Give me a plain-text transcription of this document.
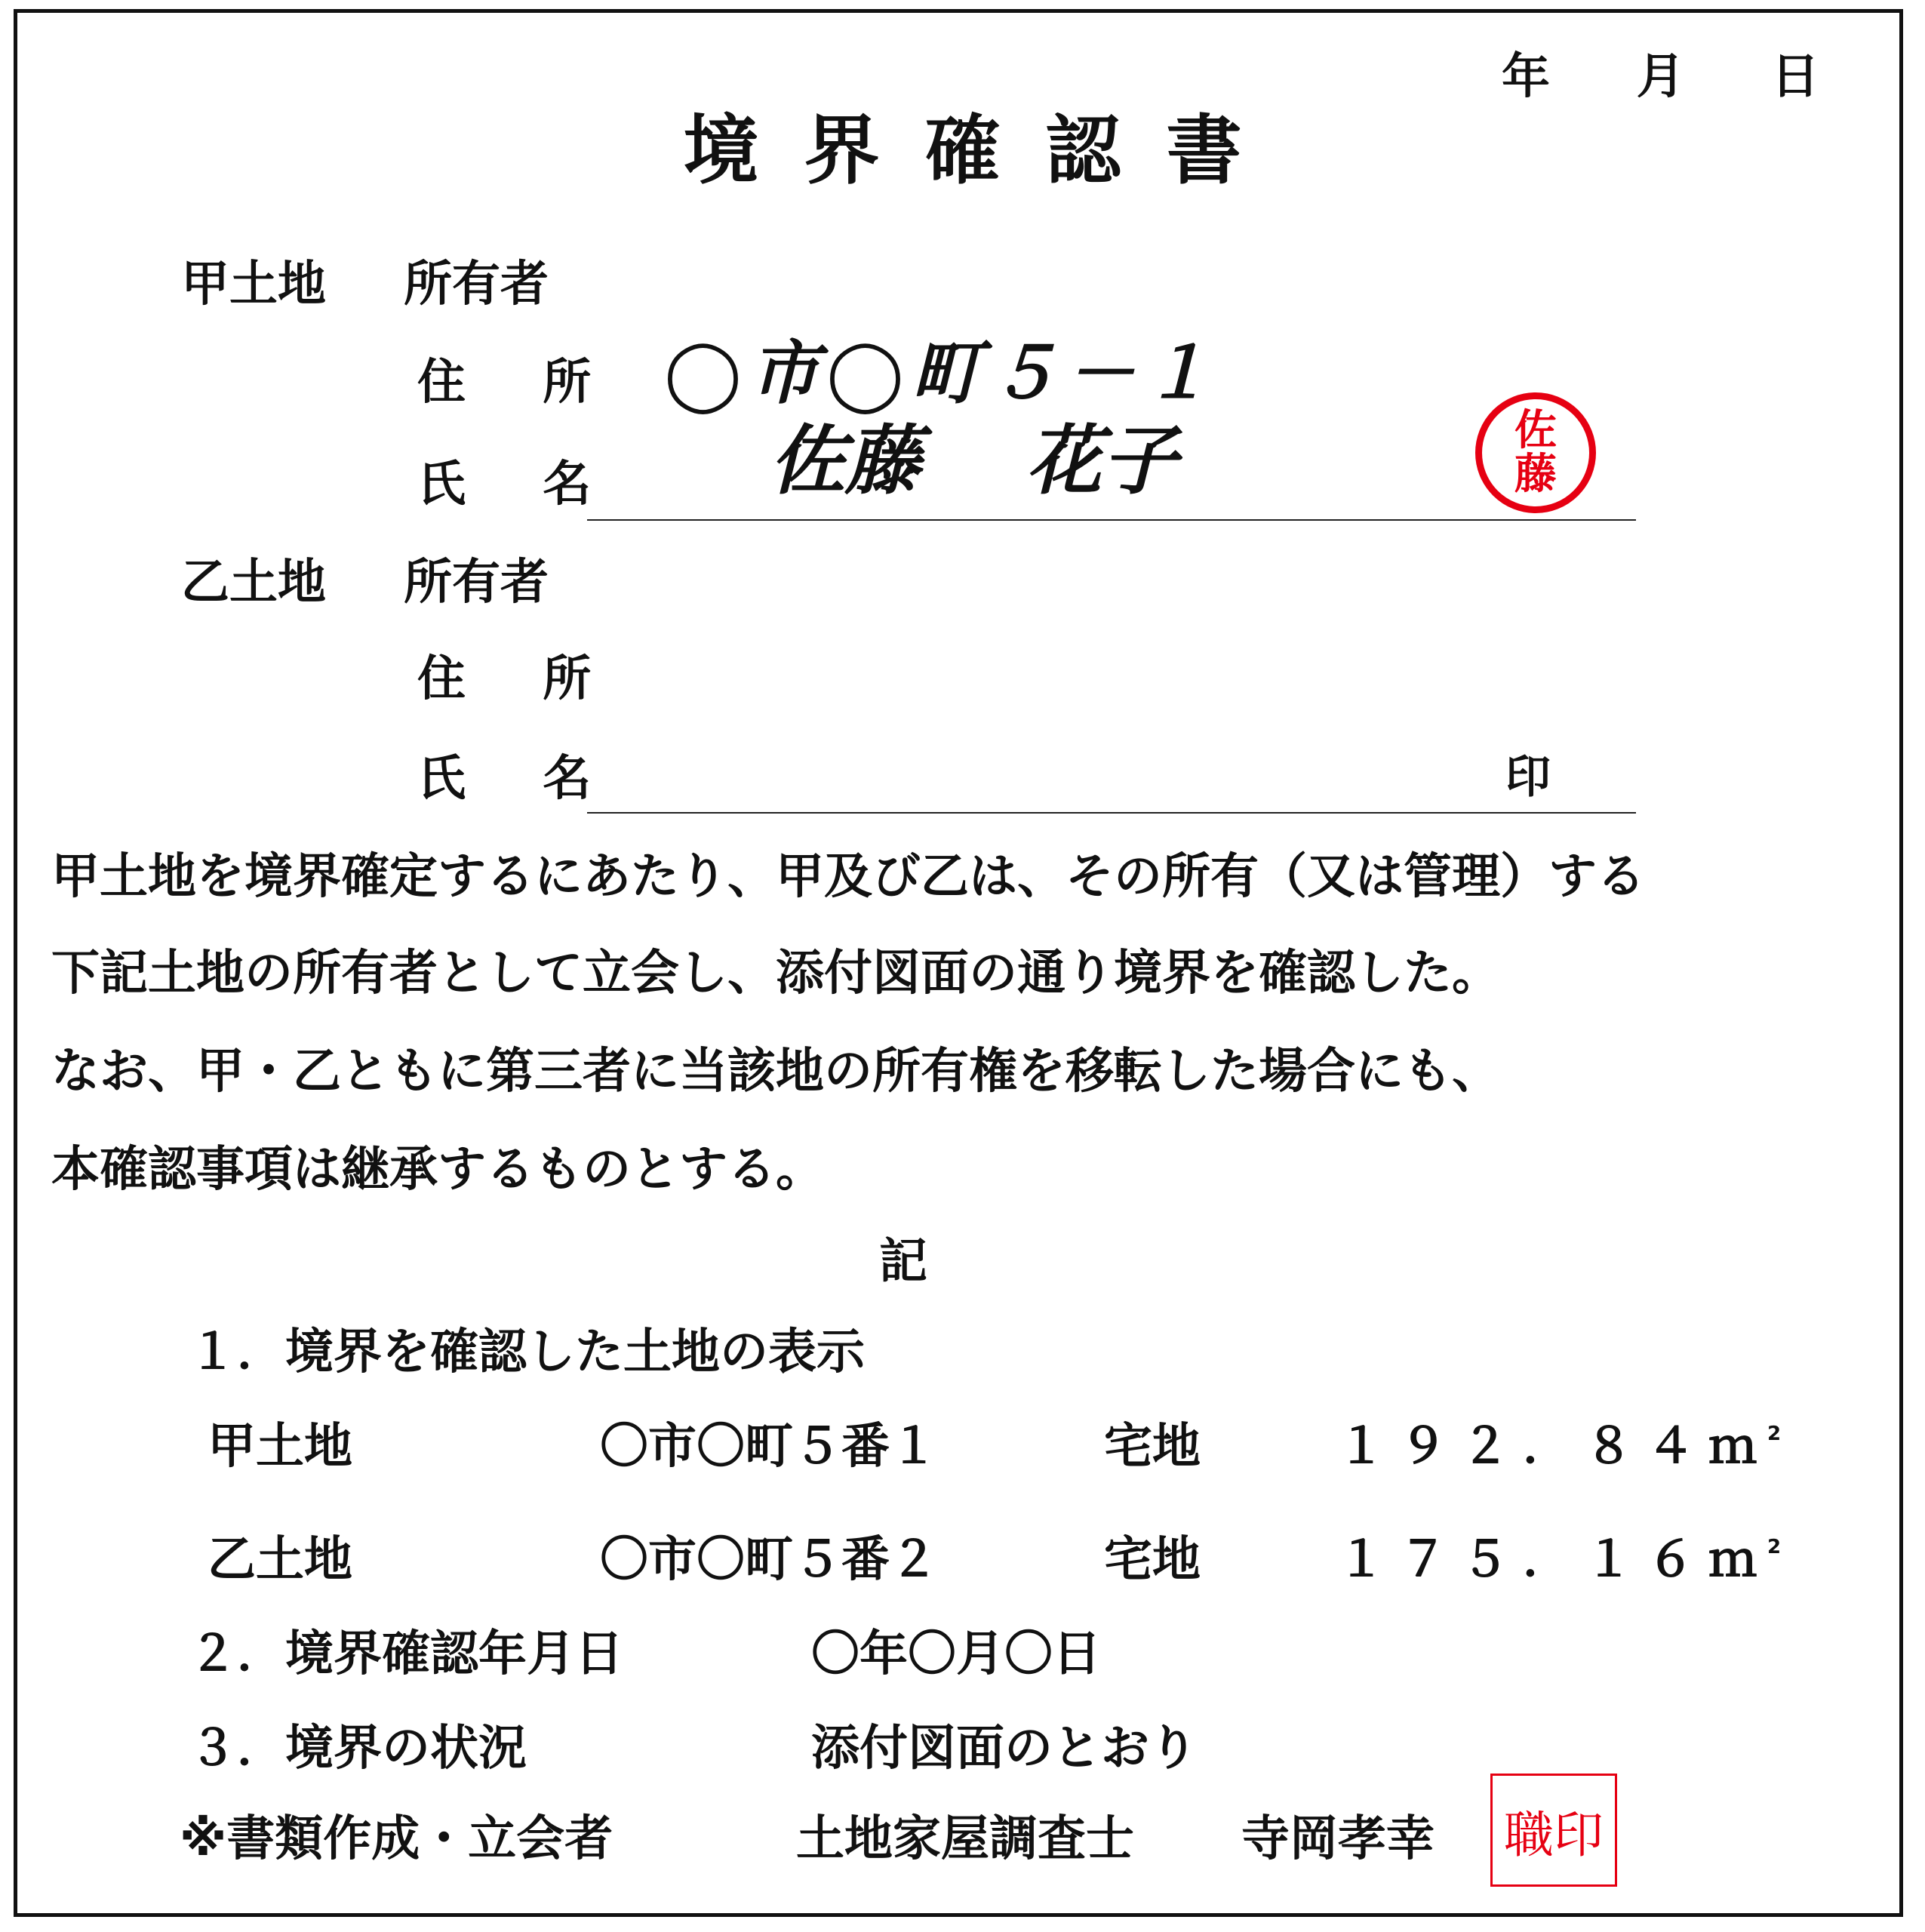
年 月 日
境界確認書
甲土地 所有者
住 所 ◯市◯町５－１
氏 名 佐藤 花子	佐
藤
乙土地 所有者
住 所
氏 名	印
甲土地を境界確定するにあたり、甲及び乙は、その所有（又は管理）する
下記土地の所有者として立会し、添付図面の通り境界を確認した。
なお、甲・乙ともに第三者に当該地の所有権を移転した場合にも、
本確認事項は継承するものとする。
記
１．境界を確認した土地の表示
甲土地	〇市〇町５番１	宅地	１９２．８４ｍ$^2$
乙土地	〇市〇町５番２	宅地	１７５．１６ｍ$^2$
２．境界確認年月日	〇年〇月〇日
３．境界の状況	添付図面のとおり
※書類作成・立会者	土地家屋調査士 寺岡孝幸 職印
